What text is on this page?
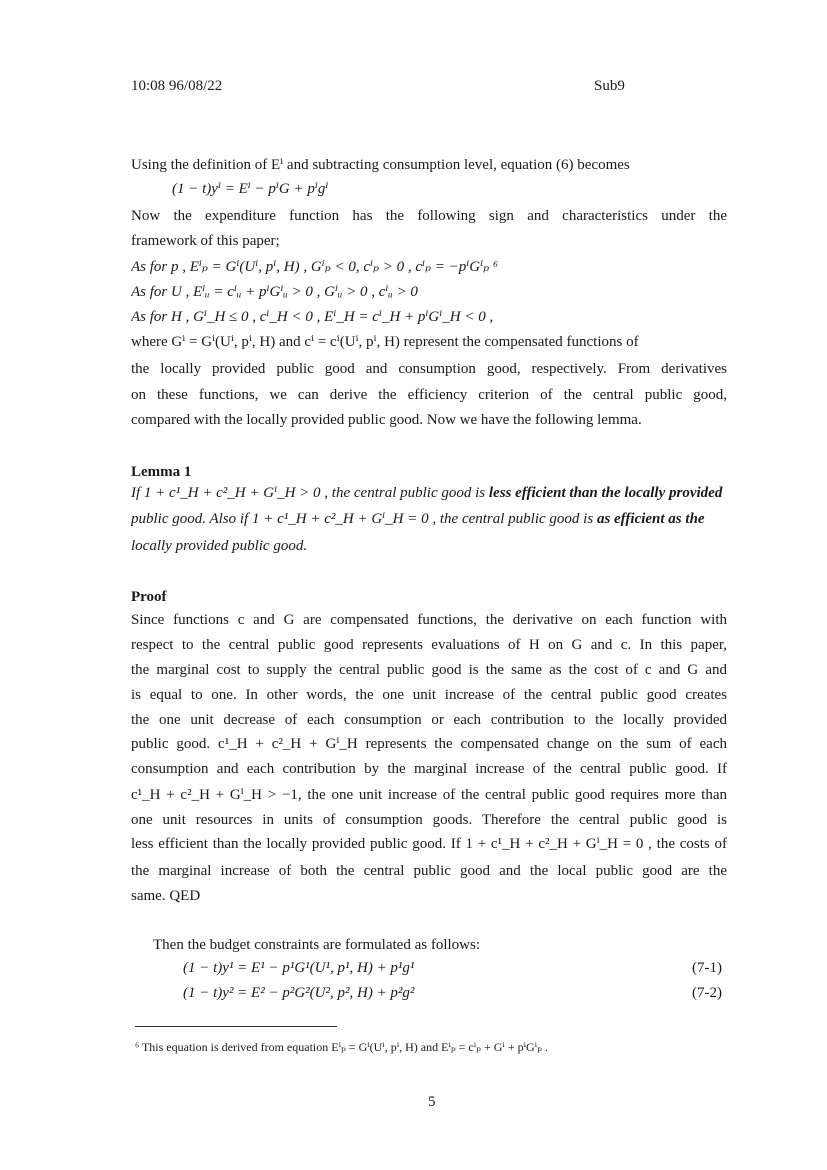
10:08 96/08/22	Sub9
Using the definition of Eⁱ and subtracting consumption level, equation (6) becomes
(1 − t)yⁱ = Eⁱ − pⁱG + pⁱgⁱ
Now the expenditure function has the following sign and characteristics under the
framework of this paper;
As for p , Eⁱₚ = Gⁱ(Uⁱ, pⁱ, H) , Gⁱₚ < 0, cⁱₚ > 0 , cⁱₚ = −pⁱGⁱₚ ⁶
As for U , Eⁱᵤ = cⁱᵤ + pⁱGⁱᵤ > 0 , Gⁱᵤ > 0 , cⁱᵤ > 0
As for H , Gⁱ_H ≤ 0 , cⁱ_H < 0 , Eⁱ_H = cⁱ_H + pⁱGⁱ_H < 0 ,
where Gⁱ = Gⁱ(Uⁱ, pⁱ, H) and cⁱ = cⁱ(Uⁱ, pⁱ, H) represent the compensated functions of
the locally provided public good and consumption good, respectively. From derivatives
on these functions, we can derive the efficiency criterion of the central public good,
compared with the locally provided public good. Now we have the following lemma.
Lemma 1
If 1 + c¹_H + c²_H + Gⁱ_H > 0 , the central public good is less efficient than the locally provided
public good. Also if 1 + c¹_H + c²_H + Gⁱ_H = 0 , the central public good is as efficient as the
locally provided public good.
Proof
Since functions c and G are compensated functions, the derivative on each function with
respect to the central public good represents evaluations of H on G and c. In this paper,
the marginal cost to supply the central public good is the same as the cost of c and G and
is equal to one. In other words, the one unit increase of the central public good creates
the one unit decrease of each consumption or each contribution to the locally provided
public good. c¹_H + c²_H + Gⁱ_H represents the compensated change on the sum of each
consumption and each contribution by the marginal increase of the central public good. If
c¹_H + c²_H + Gⁱ_H > −1, the one unit increase of the central public good requires more than
one unit resources in units of consumption goods. Therefore the central public good is
less efficient than the locally provided public good. If 1 + c¹_H + c²_H + Gⁱ_H = 0 , the costs of
the marginal increase of both the central public good and the local public good are the
same. QED
Then the budget constraints are formulated as follows:
(1 − t)y¹ = E¹ − p¹G¹(U¹, p¹, H) + p¹g¹	(7-1)
(1 − t)y² = E² − p²G²(U², p², H) + p²g²	(7-2)
⁶ This equation is derived from equation Eⁱₚ = Gⁱ(Uⁱ, pⁱ, H) and Eⁱₚ = cⁱₚ + Gⁱ + pⁱGⁱₚ .
5
